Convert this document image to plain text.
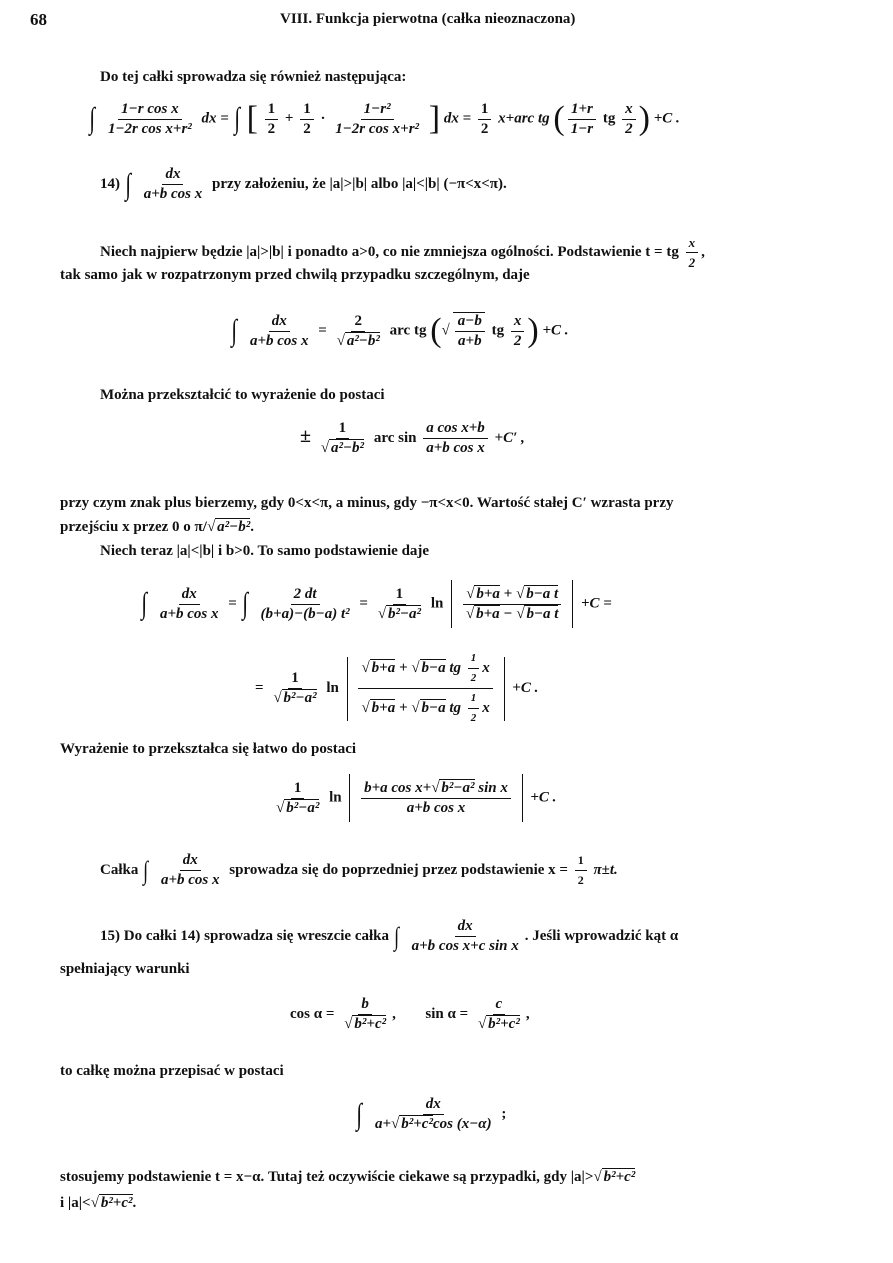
68	VIII. Funkcja pierwotna (całka nieoznaczona)
Do tej całki sprowadza się również następująca:
∫ $\frac{\text{1−r cos x}}{\text{1−2r cos x+r²}}$ dx = ∫ [ $\frac{1}{2} + \frac{1}{2} \cdot \frac{\text{1−r²}}{\text{1−2r cos x+r²}}$ ] dx = $\frac{1}{2} x+arc$ tg ( $\frac{1+r}{1-r}$ tg $\frac{x}{2}$ ) +C .
14) ∫ $\frac{dx}{\text{a+b cos x}}$ przy założeniu, że |a|>|b| albo |a|<|b| (−π<x<π).
Niech najpierw będzie |a|>|b| i ponadto a>0, co nie zmniejsza ogólności. Podstawienie t = tg $\frac{x}{2}$ ,
tak samo jak w rozpatrzonym przed chwilą przypadku szczególnym, daje
∫ $\frac{dx}{\text{a+b cos x}} = \frac{2}{\text{√ a²−b²}}$ arc tg (√ $\frac{a-b}{a+b}$ tg $\frac{x}{2}$ ) +C .
Można przekształcić to wyrażenie do postaci
± $\frac{1}{\text{√ a²−b²}}$ arc $\sin \frac{\text{a cos x+b}}{\text{a+b cos x}} +C'$ ,
przy czym znak plus bierzemy, gdy 0<x<π, a minus, gdy −π<x<0. Wartość stałej C′ wzrasta przy
przejściu x przez 0 o π/√ a²−b².
Niech teraz |a|<|b| i b>0. To samo podstawienie daje
∫ $\frac{dx}{\text{a+b cos x}}$ = ∫ $\frac{2 dt}{\text{(b+a)−(b−a) t²}} = \frac{1}{\text{√ b²−a²}}$ $\ln \frac{\text{√ b+a + √ b−a t}}{\text{√ b+a − √ b−a t}} +C$ =
= $\frac{1}{\text{√ b²−a²}}$ $\ln \frac{√ b+a + √ b-a tg \frac{1}{2} x}{√ b+a + √ b-a tg \frac{1}{2} x} +C$ .
Wyrażenie to przekształca się łatwo do postaci
$\frac{1}{\text{√ b²−a²}}$ $\ln \frac{\text{b+a cos x+√ b²−a² sin x}}{\text{a+b cos x}} +C$ .
Całka ∫ $\frac{dx}{\text{a+b cos x}}$ sprowadza się do poprzedniej przez podstawienie $x = \frac{1}{2} \pi\pm t$.
15) Do całki 14) sprowadza się wreszcie całka ∫ $\frac{dx}{\text{a+b cos x+c sin x}}$ . Jeśli wprowadzić kąt α
spełniający warunki
$\cos \alpha = \frac{b}{\text{√ b²+c²}}$ , $\sin \alpha = \frac{c}{\text{√ b²+c²}}$ ,
to całkę można przepisać w postaci
∫ $\frac{dx}{\text{a+√ b²+c²cos (x−α)}}$ ;
stosujemy podstawienie t = x−α. Tutaj też oczywiście ciekawe są przypadki, gdy |a|>√ b²+c²
i |a|<√ b²+c².
